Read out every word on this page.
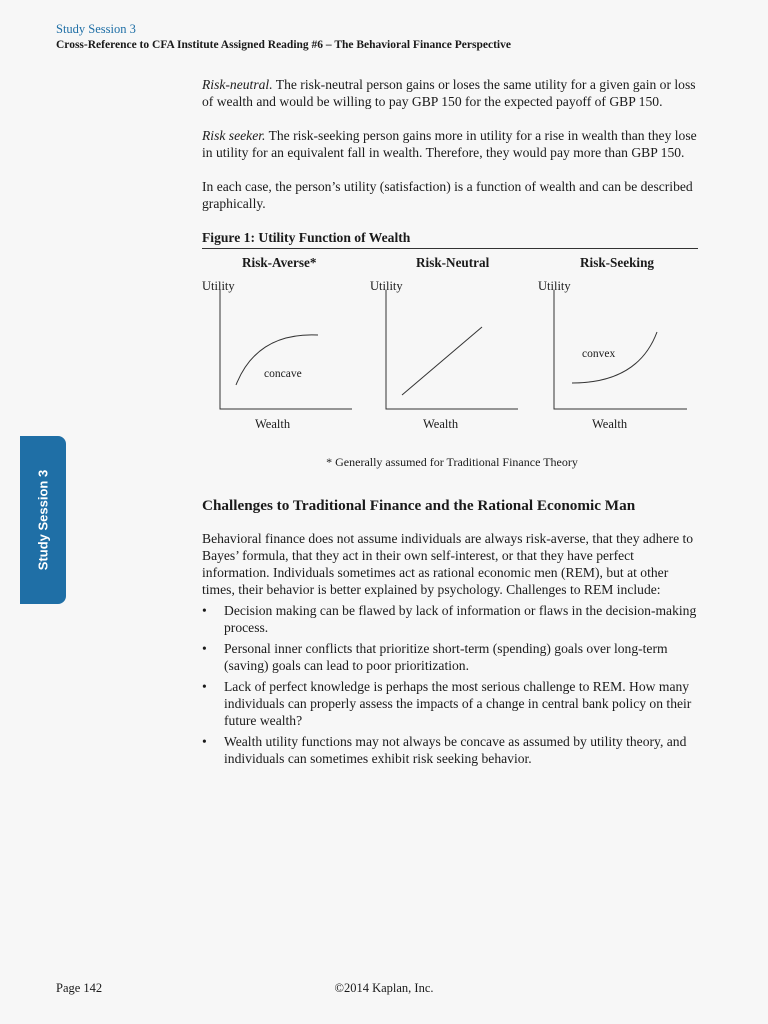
Study Session 3
Cross-Reference to CFA Institute Assigned Reading #6 – The Behavioral Finance Perspective
Study Session 3

Risk-neutral. The risk-neutral person gains or loses the same utility for a given gain or loss of wealth and would be willing to pay GBP 150 for the expected payoff of GBP 150.

Risk seeker. The risk-seeking person gains more in utility for a rise in wealth than they lose in utility for an equivalent fall in wealth. Therefore, they would pay more than GBP 150.

In each case, the person’s utility (satisfaction) is a function of wealth and can be described graphically.

Figure 1: Utility Function of Wealth
Risk-Averse*	Risk-Neutral	Risk-Seeking
Utility	Utility	Utility
Wealth	Wealth	Wealth
concave
convex
* Generally assumed for Traditional Finance Theory
Challenges to Traditional Finance and the Rational Economic Man

Behavioral finance does not assume individuals are always risk-averse, that they adhere to Bayes’ formula, that they act in their own self-interest, or that they have perfect information. Individuals sometimes act as rational economic men (REM), but at other times, their behavior is better explained by psychology. Challenges to REM include:

• Decision making can be flawed by lack of information or flaws in the decision-making process.
• Personal inner conflicts that prioritize short-term (spending) goals over long-term (saving) goals can lead to poor prioritization.
• Lack of perfect knowledge is perhaps the most serious challenge to REM. How many individuals can properly assess the impacts of a change in central bank policy on their future wealth?
• Wealth utility functions may not always be concave as assumed by utility theory, and individuals can sometimes exhibit risk seeking behavior.
Page 142	©2014 Kaplan, Inc.
